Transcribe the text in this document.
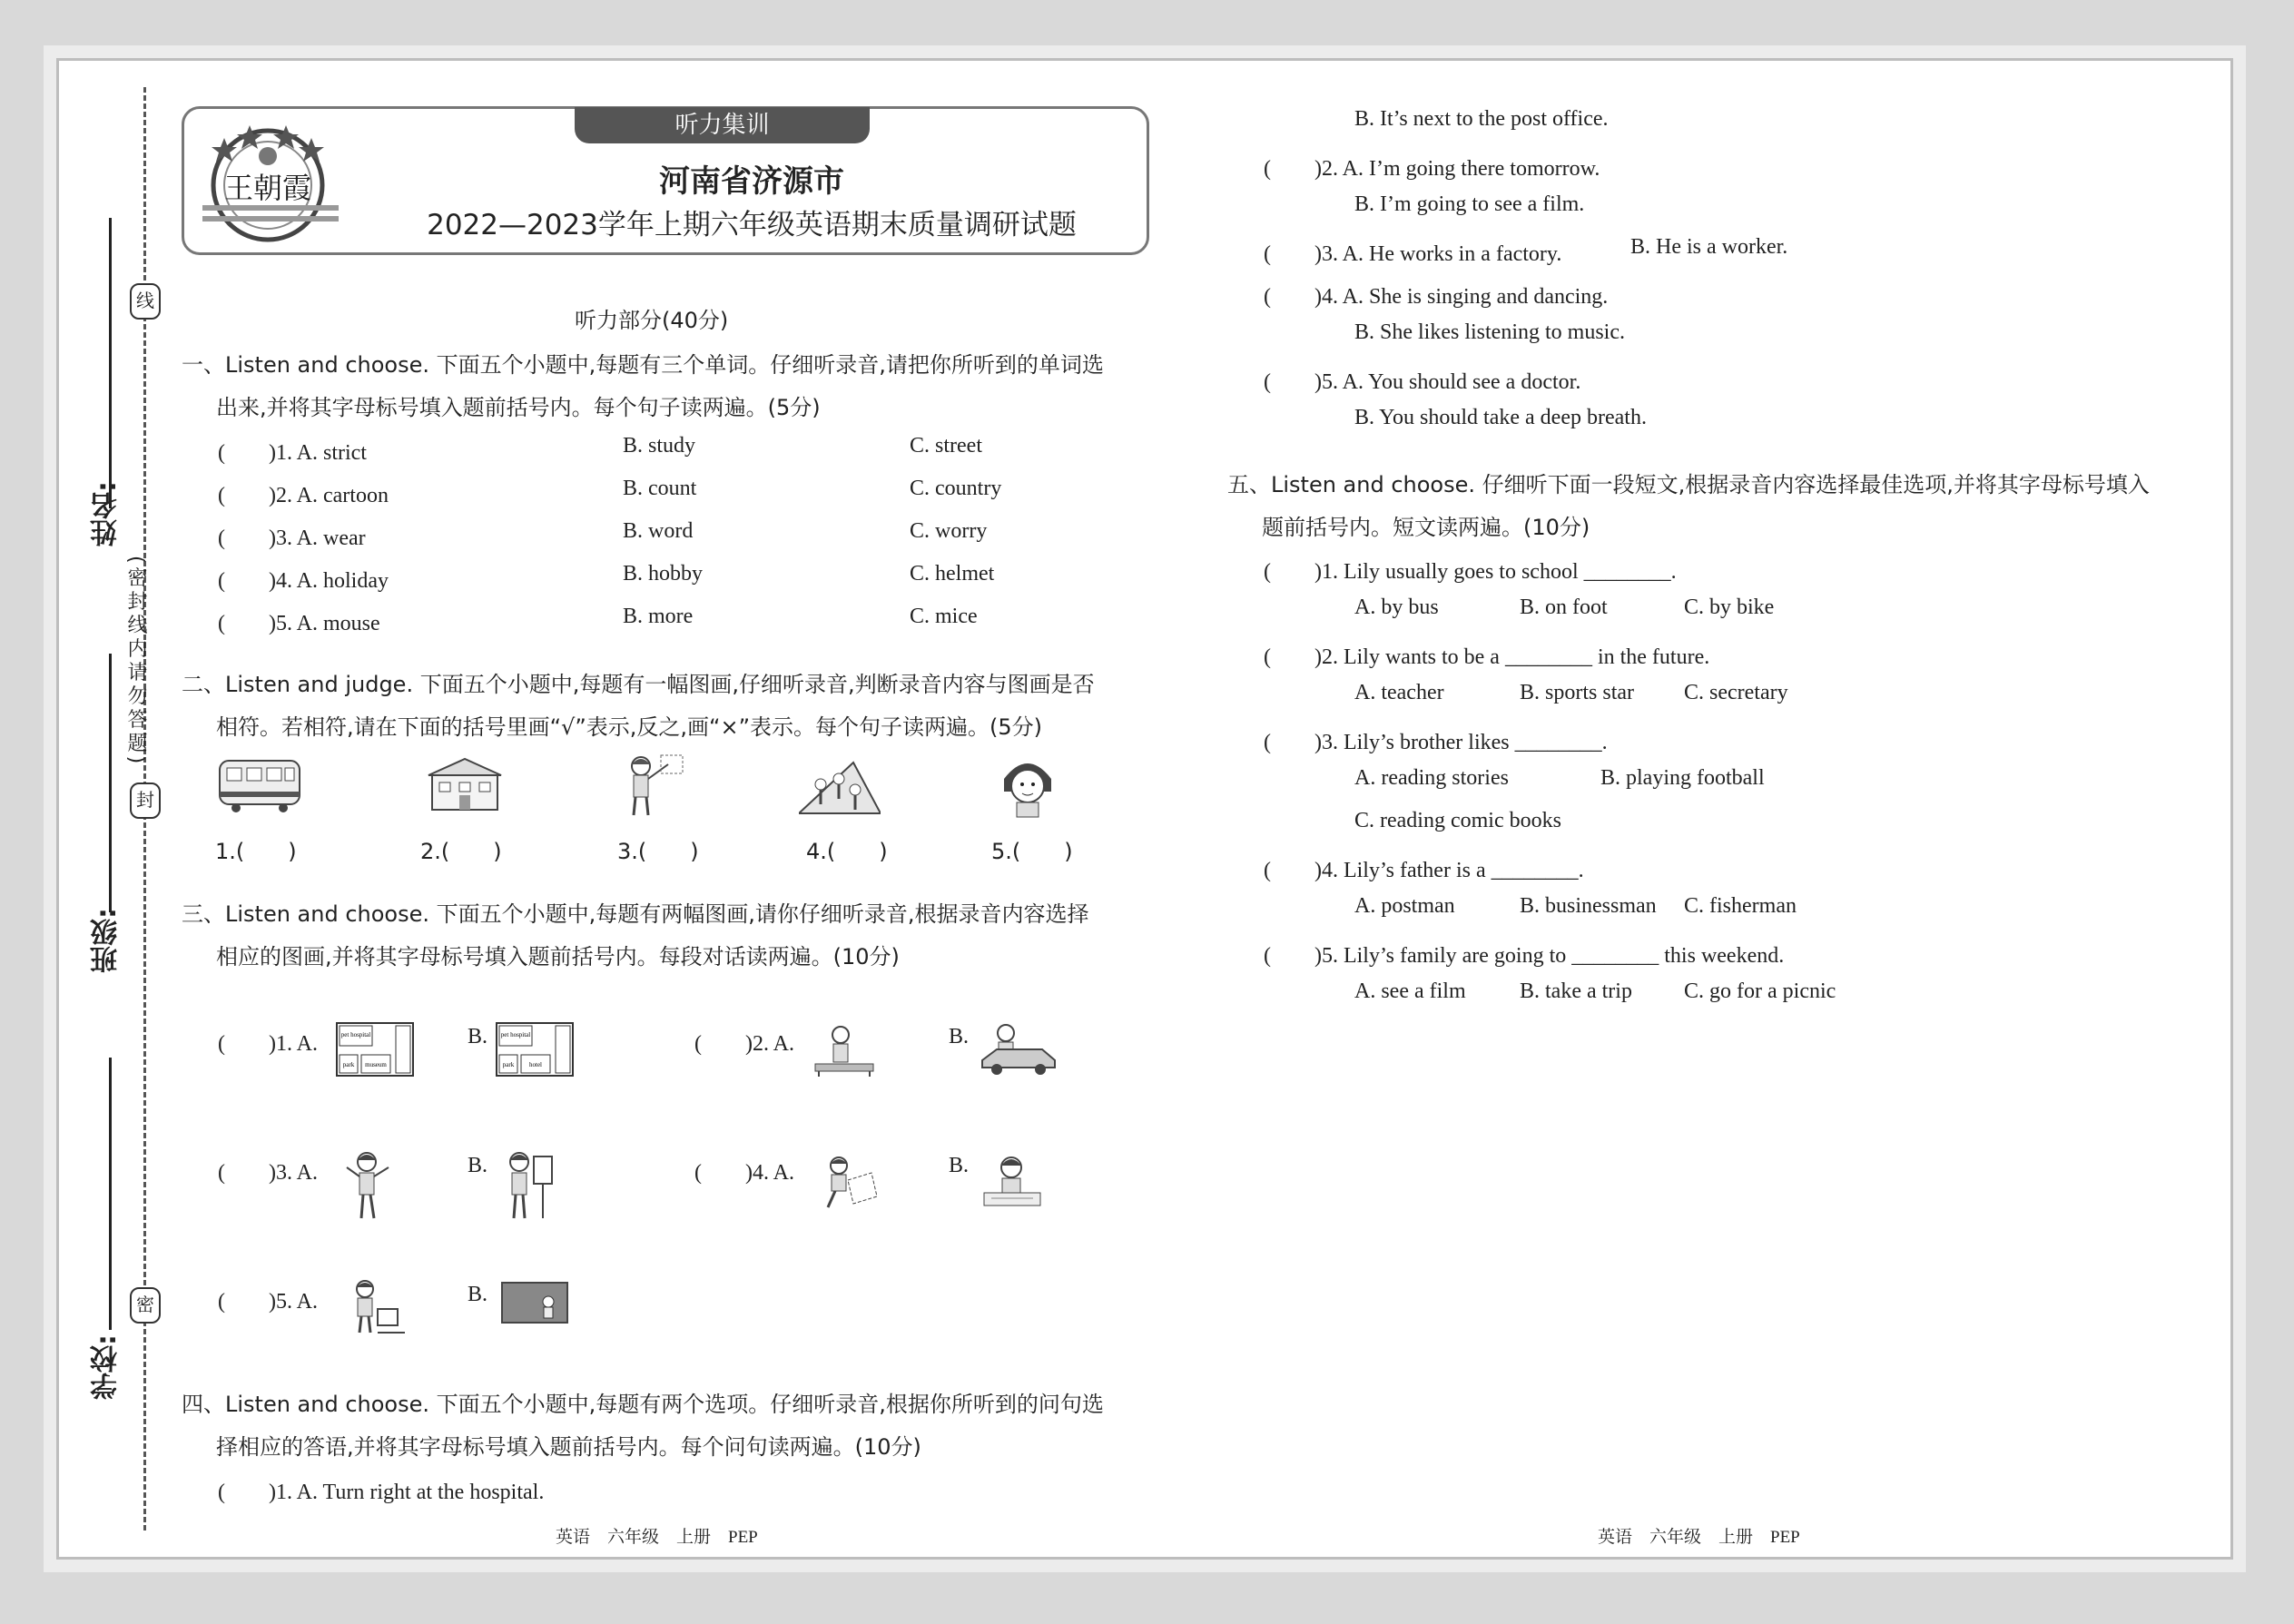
线
封
密
姓名:
班级:
学校:
(密封线内请勿答题)
听力集训
王朝霞	河南省济源市
2022—2023学年上期六年级英语期末质量调研试题
听力部分(40分)
一、Listen and choose. 下面五个小题中,每题有三个单词。仔细听录音,请把你所听到的单词选
出来,并将其字母标号填入题前括号内。每个句子读两遍。(5分)
(　　)1. A. strict	B. study	C. street
(　　)2. A. cartoon	B. count	C. country
(　　)3. A. wear	B. word	C. worry
(　　)4. A. holiday	B. hobby	C. helmet
(　　)5. A. mouse	B. more	C. mice
二、Listen and judge. 下面五个小题中,每题有一幅图画,仔细听录音,判断录音内容与图画是否
相符。若相符,请在下面的括号里画“√”表示,反之,画“×”表示。每个句子读两遍。(5分)
1.(　　)	2.(　　)	3.(　　)	4.(　　)	5.(　　)
三、Listen and choose. 下面五个小题中,每题有两幅图画,请你仔细听录音,根据录音内容选择
相应的图画,并将其字母标号填入题前括号内。每段对话读两遍。(10分)
(　　)1. A.	pet hospital
park museum
B. pet hospital
park hotel
(　　)2. A.	B.
(　　)3. A.	B.	(　　)4. A.	B.
(　　)5. A.	B.
四、Listen and choose. 下面五个小题中,每题有两个选项。仔细听录音,根据你所听到的问句选
择相应的答语,并将其字母标号填入题前括号内。每个问句读两遍。(10分)
(　　)1. A. Turn right at the hospital.
B. It’s next to the post office.
(　　)2. A. I’m going there tomorrow.
B. I’m going to see a film.
(　　)3. A. He works in a factory.	B. He is a worker.
(　　)4. A. She is singing and dancing.
B. She likes listening to music.
(　　)5. A. You should see a doctor.
B. You should take a deep breath.
五、Listen and choose. 仔细听下面一段短文,根据录音内容选择最佳选项,并将其字母标号填入
题前括号内。短文读两遍。(10分)
(　　)1. Lily usually goes to school ________.
A. by bus	B. on foot	C. by bike
(　　)2. Lily wants to be a ________ in the future.
A. teacher	B. sports star C. secretary
(　　)3. Lily’s brother likes ________.
A. reading stories	B. playing football
C. reading comic books
(　　)4. Lily’s father is a ________.
A. postman	B. businessman C. fisherman
(　　)5. Lily’s family are going to ________ this weekend.
A. see a film B. take a trip C. go for a picnic
英语　六年级　上册　PEP	英语　六年级　上册　PEP
